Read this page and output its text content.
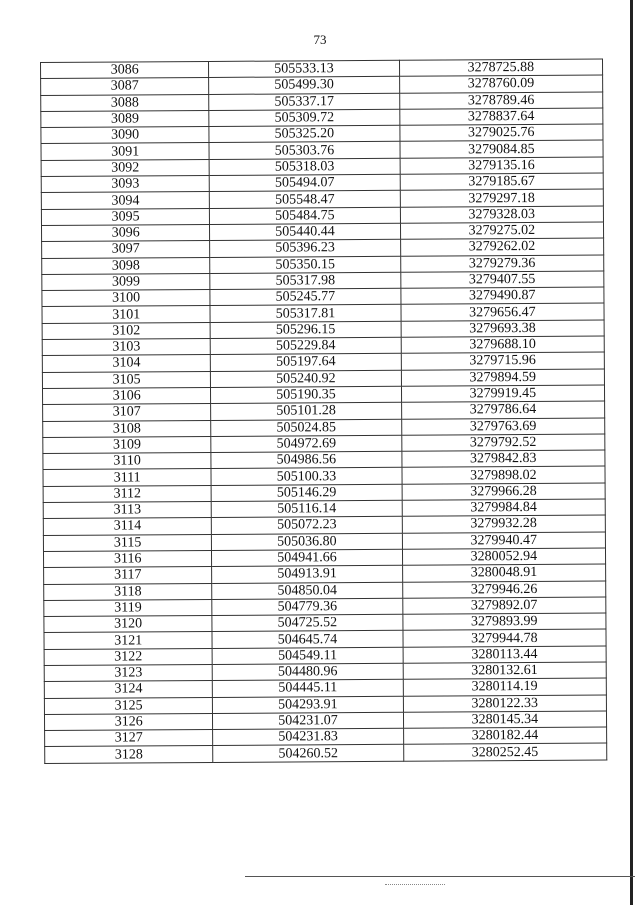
73
3086	505533.13	3278725.88
3087	505499.30	3278760.09
3088	505337.17	3278789.46
3089	505309.72	3278837.64
3090	505325.20	3279025.76
3091	505303.76	3279084.85
3092	505318.03	3279135.16
3093	505494.07	3279185.67
3094	505548.47	3279297.18
3095	505484.75	3279328.03
3096	505440.44	3279275.02
3097	505396.23	3279262.02
3098	505350.15	3279279.36
3099	505317.98	3279407.55
3100	505245.77	3279490.87
3101	505317.81	3279656.47
3102	505296.15	3279693.38
3103	505229.84	3279688.10
3104	505197.64	3279715.96
3105	505240.92	3279894.59
3106	505190.35	3279919.45
3107	505101.28	3279786.64
3108	505024.85	3279763.69
3109	504972.69	3279792.52
3110	504986.56	3279842.83
3111	505100.33	3279898.02
3112	505146.29	3279966.28
3113	505116.14	3279984.84
3114	505072.23	3279932.28
3115	505036.80	3279940.47
3116	504941.66	3280052.94
3117	504913.91	3280048.91
3118	504850.04	3279946.26
3119	504779.36	3279892.07
3120	504725.52	3279893.99
3121	504645.74	3279944.78
3122	504549.11	3280113.44
3123	504480.96	3280132.61
3124	504445.11	3280114.19
3125	504293.91	3280122.33
3126	504231.07	3280145.34
3127	504231.83	3280182.44
3128	504260.52	3280252.45
